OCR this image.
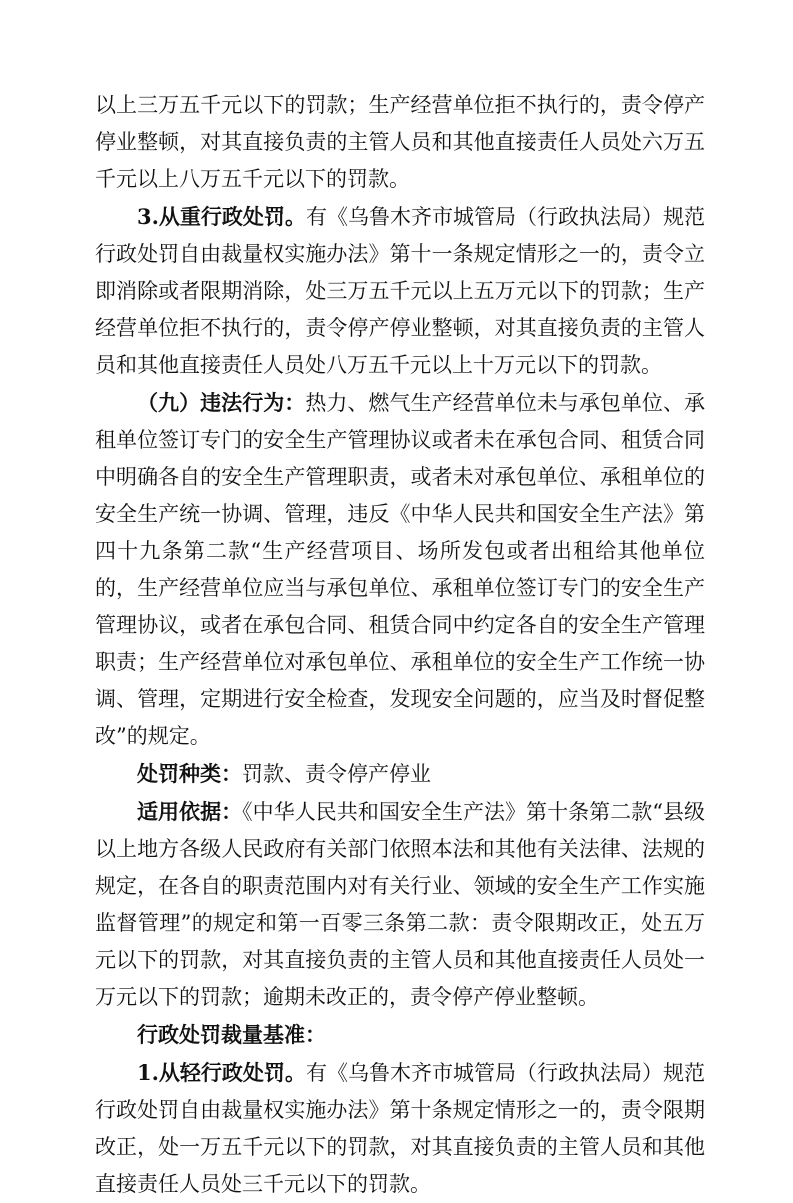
以上三万五千元以下的罚款；生产经营单位拒不执行的，责令停产停业整顿，对其直接负责的主管人员和其他直接责任人员处六万五千元以上八万五千元以下的罚款。

3.从重行政处罚。有《乌鲁木齐市城管局（行政执法局）规范行政处罚自由裁量权实施办法》第十一条规定情形之一的，责令立即消除或者限期消除，处三万五千元以上五万元以下的罚款；生产经营单位拒不执行的，责令停产停业整顿，对其直接负责的主管人员和其他直接责任人员处八万五千元以上十万元以下的罚款。

（九）违法行为：热力、燃气生产经营单位未与承包单位、承租单位签订专门的安全生产管理协议或者未在承包合同、租赁合同中明确各自的安全生产管理职责，或者未对承包单位、承租单位的安全生产统一协调、管理，违反《中华人民共和国安全生产法》第四十九条第二款“生产经营项目、场所发包或者出租给其他单位的，生产经营单位应当与承包单位、承租单位签订专门的安全生产管理协议，或者在承包合同、租赁合同中约定各自的安全生产管理职责；生产经营单位对承包单位、承租单位的安全生产工作统一协调、管理，定期进行安全检查，发现安全问题的，应当及时督促整改”的规定。

处罚种类：罚款、责令停产停业

适用依据：《中华人民共和国安全生产法》第十条第二款“县级以上地方各级人民政府有关部门依照本法和其他有关法律、法规的规定，在各自的职责范围内对有关行业、领域的安全生产工作实施监督管理”的规定和第一百零三条第二款：责令限期改正，处五万元以下的罚款，对其直接负责的主管人员和其他直接责任人员处一万元以下的罚款；逾期未改正的，责令停产停业整顿。

行政处罚裁量基准：

1.从轻行政处罚。有《乌鲁木齐市城管局（行政执法局）规范行政处罚自由裁量权实施办法》第十条规定情形之一的，责令限期改正，处一万五千元以下的罚款，对其直接负责的主管人员和其他直接责任人员处三千元以下的罚款。
